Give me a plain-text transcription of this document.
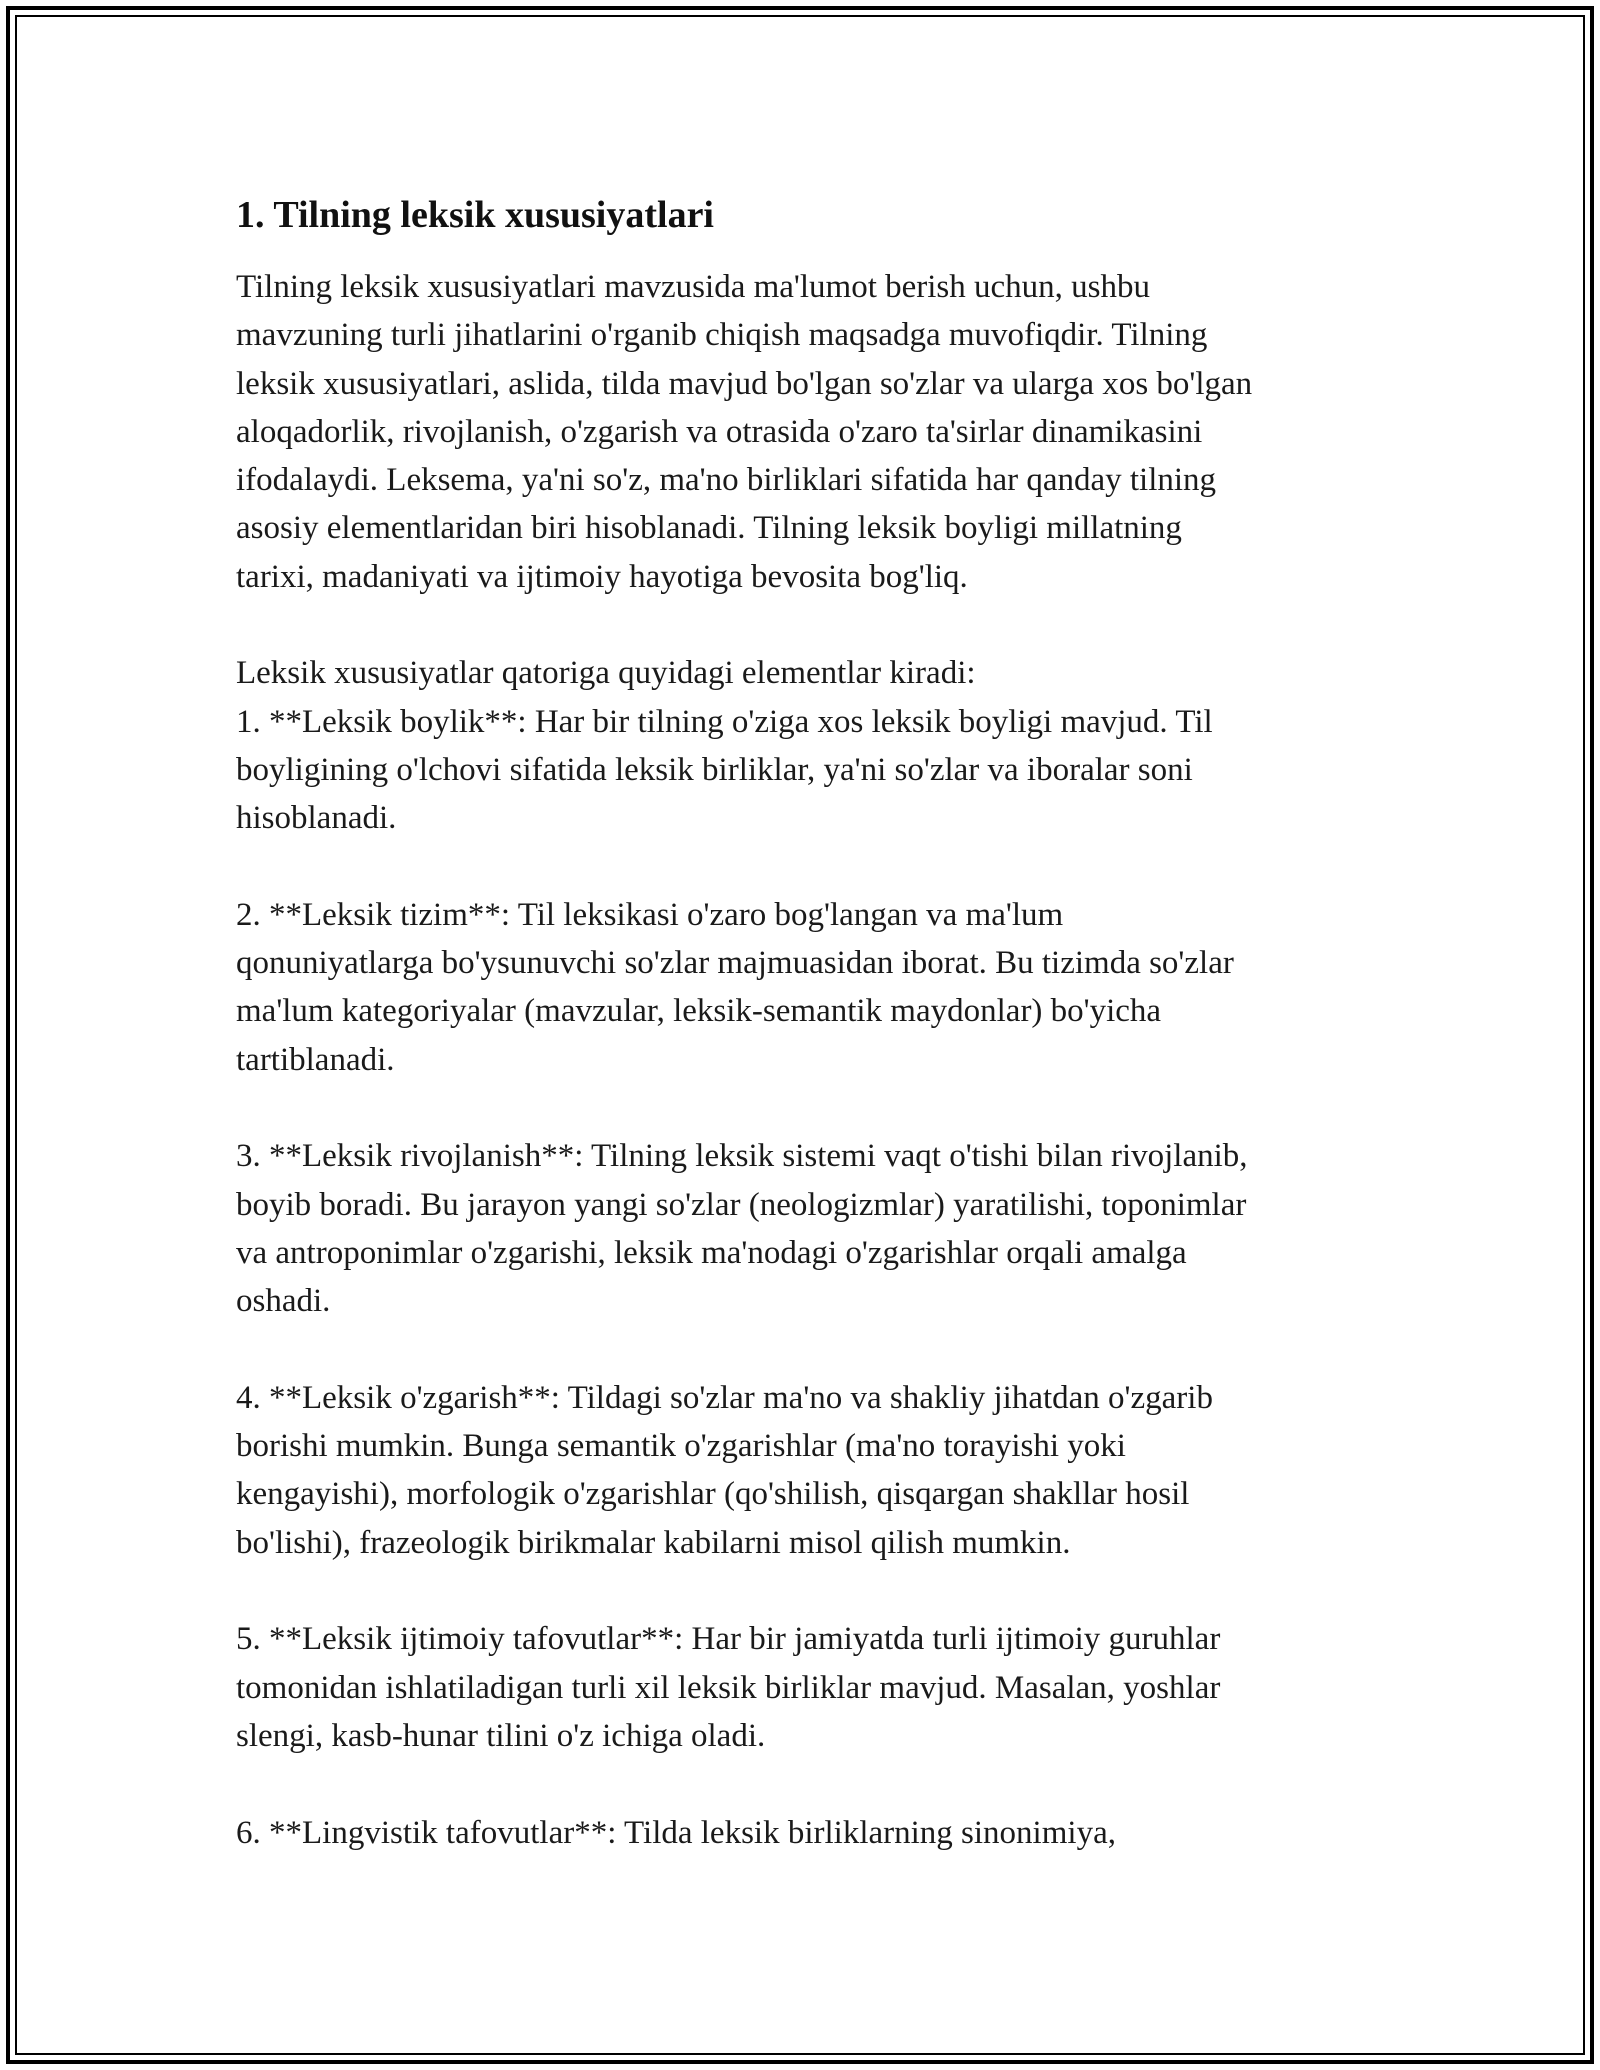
1. Tilning leksik xususiyatlari
Tilning leksik xususiyatlari mavzusida ma'lumot berish uchun, ushbu
mavzuning turli jihatlarini o'rganib chiqish maqsadga muvofiqdir. Tilning
leksik xususiyatlari, aslida, tilda mavjud bo'lgan so'zlar va ularga xos bo'lgan
aloqadorlik, rivojlanish, o'zgarish va otrasida o'zaro ta'sirlar dinamikasini
ifodalaydi. Leksema, ya'ni so'z, ma'no birliklari sifatida har qanday tilning
asosiy elementlaridan biri hisoblanadi. Tilning leksik boyligi millatning
tarixi, madaniyati va ijtimoiy hayotiga bevosita bog'liq.
Leksik xususiyatlar qatoriga quyidagi elementlar kiradi:
1. **Leksik boylik**: Har bir tilning o'ziga xos leksik boyligi mavjud. Til
boyligining o'lchovi sifatida leksik birliklar, ya'ni so'zlar va iboralar soni
hisoblanadi.
2. **Leksik tizim**: Til leksikasi o'zaro bog'langan va ma'lum
qonuniyatlarga bo'ysunuvchi so'zlar majmuasidan iborat. Bu tizimda so'zlar
ma'lum kategoriyalar (mavzular, leksik-semantik maydonlar) bo'yicha
tartiblanadi.
3. **Leksik rivojlanish**: Tilning leksik sistemi vaqt o'tishi bilan rivojlanib,
boyib boradi. Bu jarayon yangi so'zlar (neologizmlar) yaratilishi, toponimlar
va antroponimlar o'zgarishi, leksik ma'nodagi o'zgarishlar orqali amalga
oshadi.
4. **Leksik o'zgarish**: Tildagi so'zlar ma'no va shakliy jihatdan o'zgarib
borishi mumkin. Bunga semantik o'zgarishlar (ma'no torayishi yoki
kengayishi), morfologik o'zgarishlar (qo'shilish, qisqargan shakllar hosil
bo'lishi), frazeologik birikmalar kabilarni misol qilish mumkin.
5. **Leksik ijtimoiy tafovutlar**: Har bir jamiyatda turli ijtimoiy guruhlar
tomonidan ishlatiladigan turli xil leksik birliklar mavjud. Masalan, yoshlar
slengi, kasb-hunar tilini o'z ichiga oladi.
6. **Lingvistik tafovutlar**: Tilda leksik birliklarning sinonimiya,
